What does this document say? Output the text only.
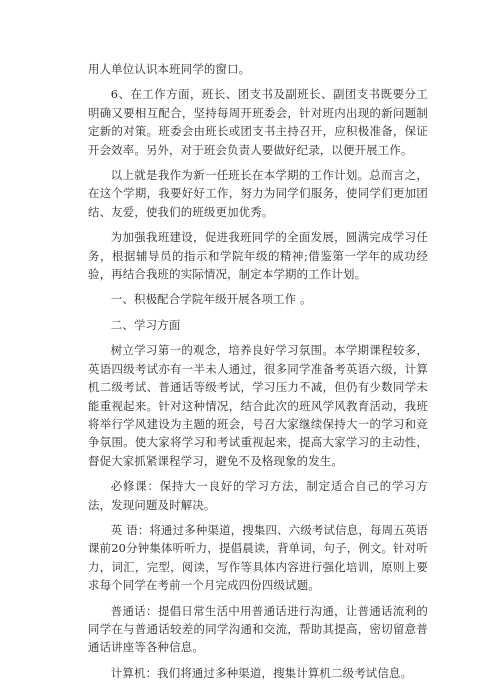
用人单位认识本班同学的窗口。

6、在工作方面，班长、团支书及副班长、副团支书既要分工明确又要相互配合，坚持每周开班委会，针对班内出现的新问题制定新的对策。班委会由班长或团支书主持召开，应积极准备，保证开会效率。另外，对于班会负责人要做好纪录，以便开展工作。

以上就是我作为新一任班长在本学期的工作计划。总而言之，在这个学期，我要好好工作，努力为同学们服务，使同学们更加团结、友爱，使我们的班级更加优秀。

为加强我班建设，促进我班同学的全面发展，圆满完成学习任务，根据辅导员的指示和学院年级的精神;借鉴第一学年的成功经验，再结合我班的实际情况，制定本学期的工作计划。

一、积极配合学院年级开展各项工作 。

二、学习方面

树立学习第一的观念，培养良好学习氛围。本学期课程较多，英语四级考试亦有一半未人通过，很多同学准备考英语六级，计算机二级考试、普通话等级考试，学习压力不减，但仍有少数同学未能重视起来。针对这种情况，结合此次的班风学风教育活动，我班将举行学风建设为主题的班会，号召大家继续保持大一的学习和竞争氛围。使大家将学习和考试重视起来，提高大家学习的主动性，督促大家抓紧课程学习，避免不及格现象的发生。

必修课：保持大一良好的学习方法，制定适合自己的学习方法，发现问题及时解决。

英 语：将通过多种渠道，搜集四、六级考试信息，每周五英语课前20分钟集体听听力，提倡晨读，背单词，句子，例文。针对听力，词汇，完型，阅读，写作等具体内容进行强化培训，原则上要求每个同学在考前一个月完成四份四级试题。

普通话：提倡日常生活中用普通话进行沟通，让普通话流利的同学在与普通话较差的同学沟通和交流，帮助其提高，密切留意普通话讲座等各种信息。

计算机：我们将通过多种渠道，搜集计算机二级考试信息。
